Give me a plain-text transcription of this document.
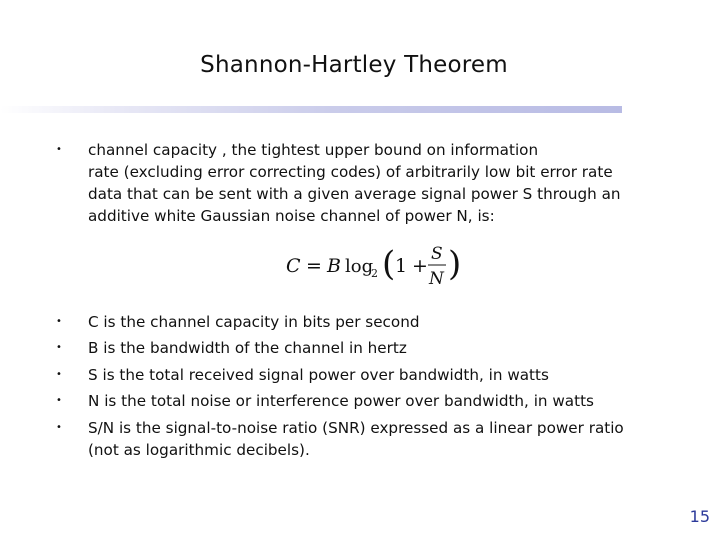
Shannon-Hartley Theorem
•	channel capacity , the tightest upper bound on information
rate (excluding error correcting codes) of arbitrarily low bit error rate
data that can be sent with a given average signal power S through an
additive white Gaussian noise channel of power N, is:
C = B log
2 ( 1 +
S
N )
•	C is the channel capacity in bits per second
•	B is the bandwidth of the channel in hertz
•	S is the total received signal power over bandwidth, in watts
•	N is the total noise or interference power over bandwidth, in watts
•	S/N is the signal-to-noise ratio (SNR) expressed as a linear power ratio
(not as logarithmic decibels).
15
